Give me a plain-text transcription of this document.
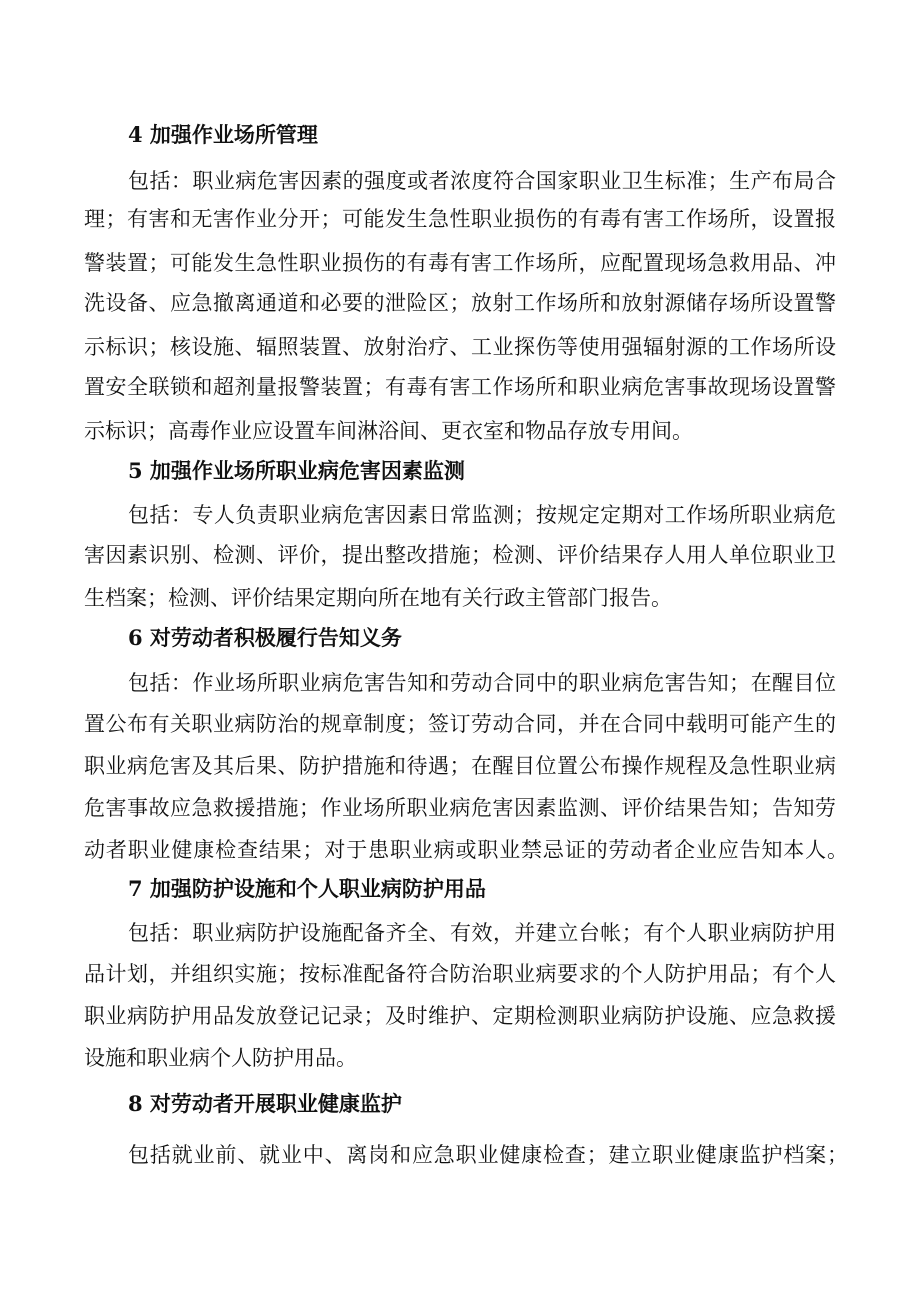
4 加强作业场所管理
包括：职业病危害因素的强度或者浓度符合国家职业卫生标准；生产布局合
理；有害和无害作业分开；可能发生急性职业损伤的有毒有害工作场所，设置报
警装置；可能发生急性职业损伤的有毒有害工作场所，应配置现场急救用品、冲
洗设备、应急撤离通道和必要的泄险区；放射工作场所和放射源储存场所设置警
示标识；核设施、辐照装置、放射治疗、工业探伤等使用强辐射源的工作场所设
置安全联锁和超剂量报警装置；有毒有害工作场所和职业病危害事故现场设置警
示标识；高毒作业应设置车间淋浴间、更衣室和物品存放专用间。
5 加强作业场所职业病危害因素监测
包括：专人负责职业病危害因素日常监测；按规定定期对工作场所职业病危
害因素识别、检测、评价，提出整改措施；检测、评价结果存人用人单位职业卫
生档案；检测、评价结果定期向所在地有关行政主管部门报告。
6 对劳动者积极履行告知义务
包括：作业场所职业病危害告知和劳动合同中的职业病危害告知；在醒目位
置公布有关职业病防治的规章制度；签订劳动合同，并在合同中载明可能产生的
职业病危害及其后果、防护措施和待遇；在醒目位置公布操作规程及急性职业病
危害事故应急救援措施；作业场所职业病危害因素监测、评价结果告知；告知劳
动者职业健康检查结果；对于患职业病或职业禁忌证的劳动者企业应告知本人。
7 加强防护设施和个人职业病防护用品
包括：职业病防护设施配备齐全、有效，并建立台帐；有个人职业病防护用
品计划，并组织实施；按标准配备符合防治职业病要求的个人防护用品；有个人
职业病防护用品发放登记记录；及时维护、定期检测职业病防护设施、应急救援
设施和职业病个人防护用品。
8 对劳动者开展职业健康监护
包括就业前、就业中、离岗和应急职业健康检查；建立职业健康监护档案；
